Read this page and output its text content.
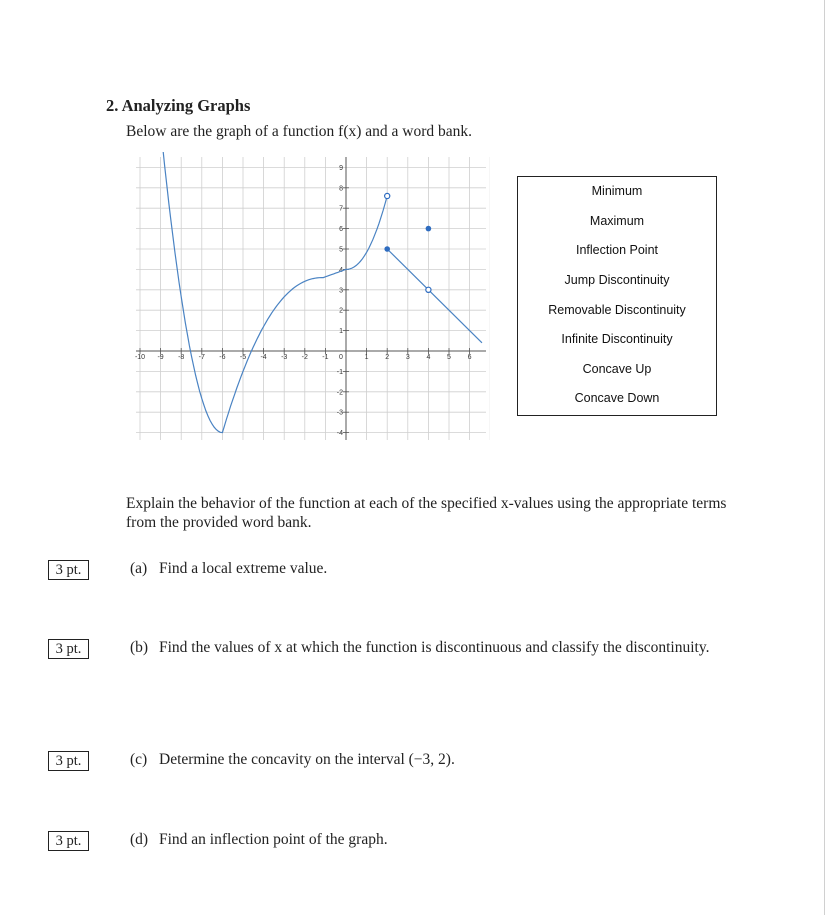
2. Analyzing Graphs
Below are the graph of a function f(x) and a word bank.
-10 -9 -8 -7 -6 -5 -4 -3 -2 -1 0	1 2 3 4 5 6
9
8
7
6
5
4
3
2
1
-1
-2
-3
-4
Minimum
Maximum
Inflection Point
Jump Discontinuity
Removable Discontinuity
Infinite Discontinuity
Concave Up
Concave Down
Explain the behavior of the function at each of the specified x-values using the appropriate terms from the provided word bank.
3 pt.	(a) Find a local extreme value.
3 pt.	(b) Find the values of x at which the function is discontinuous and classify the discontinuity.
3 pt.	(c) Determine the concavity on the interval (−3, 2).
3 pt.	(d) Find an inflection point of the graph.
